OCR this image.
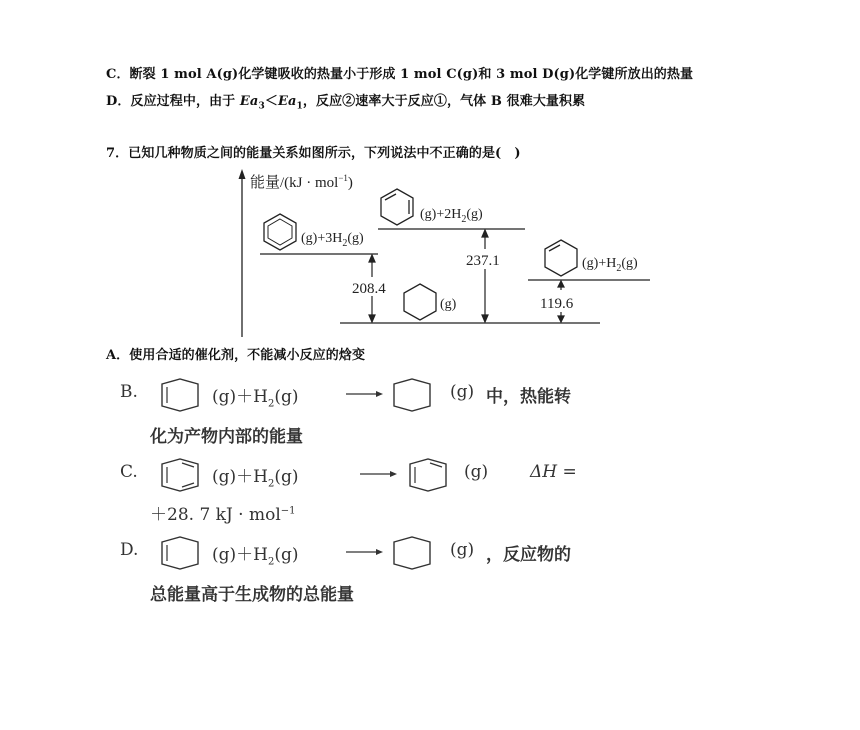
C．断裂 1 mol A(g)化学键吸收的热量小于形成 1 mol C(g)和 3 mol D(g)化学键所放出的热量
D．反应过程中，由于 $Ea_3<Ea_1$，反应②速率大于反应①，气体 B 很难大量积累
7．已知几种物质之间的能量关系如图所示，下列说法中不正确的是(　)
能量/(kJ · mol$^{-1}$)
$(g)+3H_2(g)$
$(g)+2H_2(g)$
$(g)+H_2(g)$
(g)
208.4
237.1
119.6
A．使用合适的催化剂，不能减小反应的焓变
B.	$(g)+H_2(g)$	(g) 中，热能转
化为产物内部的能量
C.	$(g)+H_2(g)$	(g) ΔH =
＋28. 7 kJ · mol$^{-1}$
D.	$(g)+H_2(g)$	(g) ，反应物的
总能量高于生成物的总能量
